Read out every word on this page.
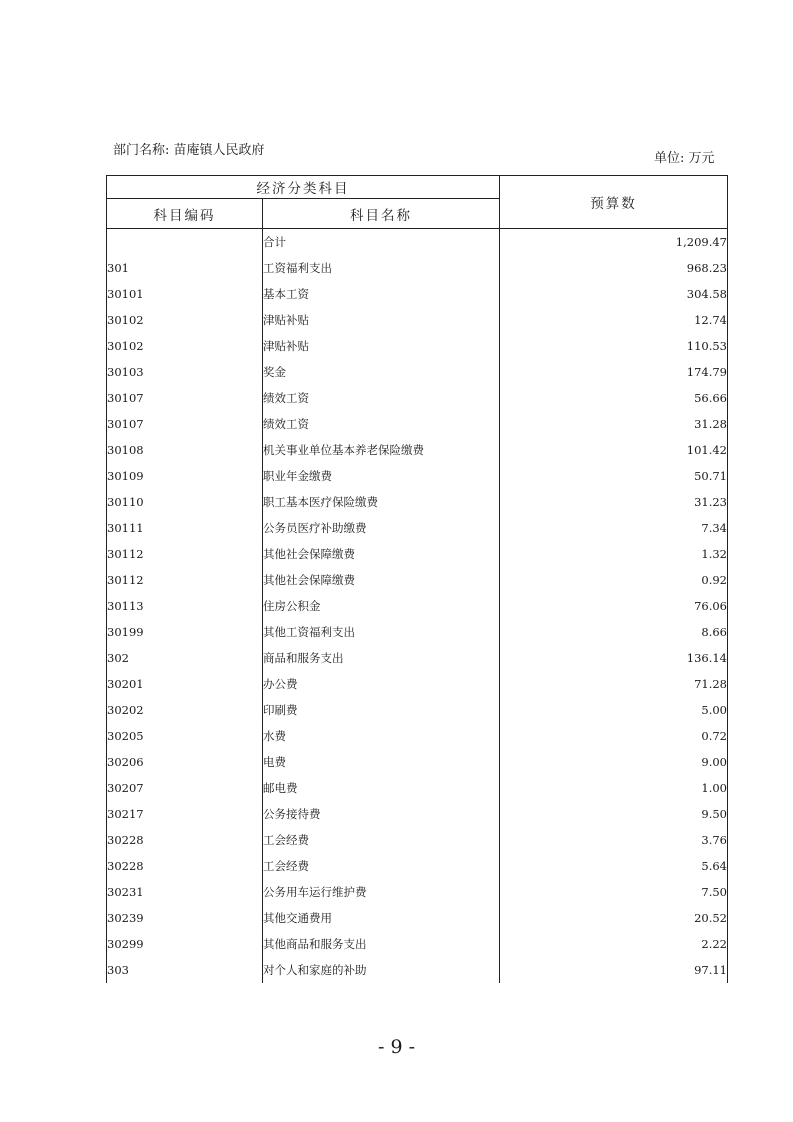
部门名称: 苗庵镇人民政府
单位: 万元
经济分类科目		预算数
科目编码	科目名称	
	合计	1,209.47
301	工资福利支出	968.23
30101	基本工资	304.58
30102	津贴补贴	12.74
30102	津贴补贴	110.53
30103	奖金	174.79
30107	绩效工资	56.66
30107	绩效工资	31.28
30108	机关事业单位基本养老保险缴费	101.42
30109	职业年金缴费	50.71
30110	职工基本医疗保险缴费	31.23
30111	公务员医疗补助缴费	7.34
30112	其他社会保障缴费	1.32
30112	其他社会保障缴费	0.92
30113	住房公积金	76.06
30199	其他工资福利支出	8.66
302	商品和服务支出	136.14
30201	办公费	71.28
30202	印刷费	5.00
30205	水费	0.72
30206	电费	9.00
30207	邮电费	1.00
30217	公务接待费	9.50
30228	工会经费	3.76
30228	工会经费	5.64
30231	公务用车运行维护费	7.50
30239	其他交通费用	20.52
30299	其他商品和服务支出	2.22
303	对个人和家庭的补助	97.11
- 9 -
